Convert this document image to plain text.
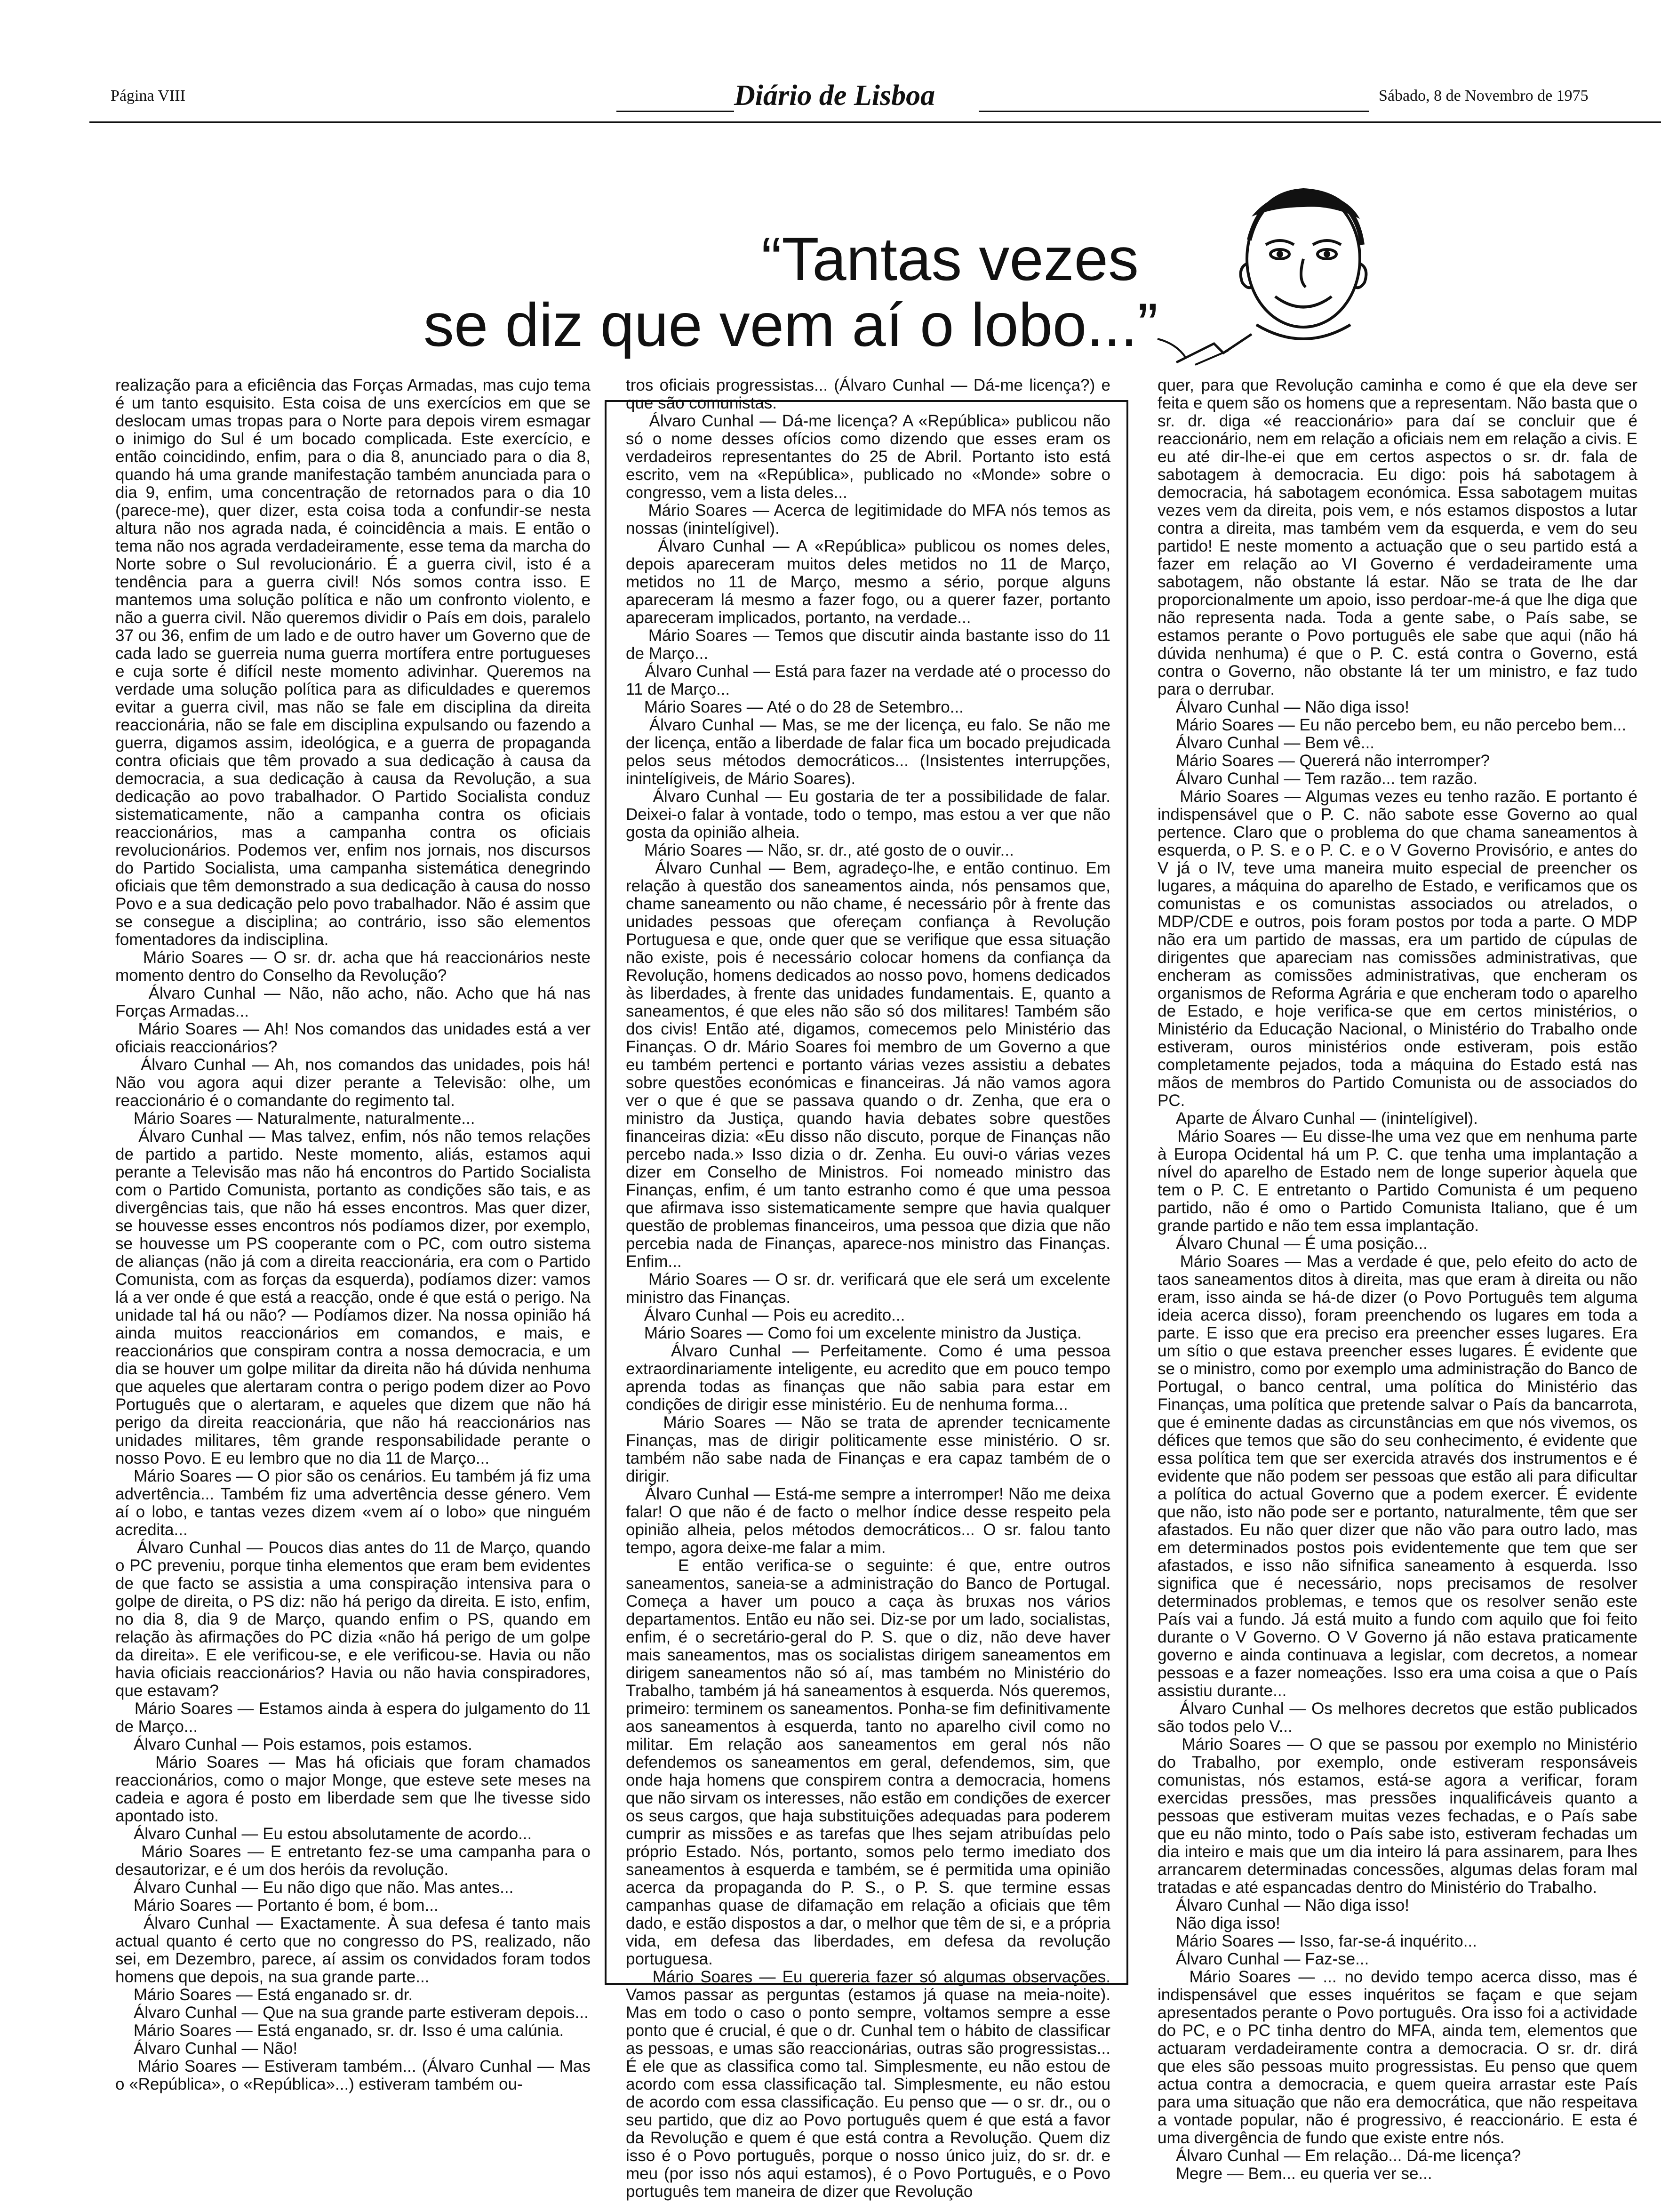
Página VIII	Diário de Lisboa	Sábado, 8 de Novembro de 1975
“Tantas vezes
se diz que vem aí o lobo...”

realização para a eficiência das Forças Armadas, mas cujo tema é um tanto esquisito. Esta coisa de uns exercícios em que se deslocam umas tropas para o Norte para depois virem esmagar o inimigo do Sul é um bocado complicada. Este exercício, e então coincidindo, enfim, para o dia 8, anunciado para o dia 8, quando há uma grande manifestação também anunciada para o dia 9, enfim, uma concentração de retornados para o dia 10 (parece-me), quer dizer, esta coisa toda a confundir-se nesta altura não nos agrada nada, é coincidência a mais. E então o tema não nos agrada verdadeiramente, esse tema da marcha do Norte sobre o Sul revolucionário. É a guerra civil, isto é a tendência para a guerra civil! Nós somos contra isso. E mantemos uma solução política e não um confronto violento, e não a guerra civil. Não queremos dividir o País em dois, paralelo 37 ou 36, enfim de um lado e de outro haver um Governo que de cada lado se guerreia numa guerra mortífera entre portugueses e cuja sorte é difícil neste momento adivinhar. Queremos na verdade uma solução política para as dificuldades e queremos evitar a guerra civil, mas não se fale em disciplina da direita reaccionária, não se fale em disciplina expulsando ou fazendo a guerra, digamos assim, ideológica, e a guerra de propaganda contra oficiais que têm provado a sua dedicação à causa da democracia, a sua dedicação à causa da Revolução, a sua dedicação ao povo trabalhador. O Partido Socialista conduz sistematicamente, não a campanha contra os oficiais reaccionários, mas a campanha contra os oficiais revolucionários. Podemos ver, enfim nos jornais, nos discursos do Partido Socialista, uma campanha sistemática denegrindo oficiais que têm demonstrado a sua dedicação à causa do nosso Povo e a sua dedicação pelo povo trabalhador. Não é assim que se consegue a disciplina; ao contrário, isso são elementos fomentadores da indisciplina.
Mário Soares — O sr. dr. acha que há reaccionários neste momento dentro do Conselho da Revolução?
Álvaro Cunhal — Não, não acho, não. Acho que há nas Forças Armadas...
Mário Soares — Ah! Nos comandos das unidades está a ver oficiais reaccionários?
Álvaro Cunhal — Ah, nos comandos das unidades, pois há! Não vou agora aqui dizer perante a Televisão: olhe, um reaccionário é o comandante do regimento tal.
Mário Soares — Naturalmente, naturalmente...
Álvaro Cunhal — Mas talvez, enfim, nós não temos relações de partido a partido. Neste momento, aliás, estamos aqui perante a Televisão mas não há encontros do Partido Socialista com o Partido Comunista, portanto as condições são tais, e as divergências tais, que não há esses encontros. Mas quer dizer, se houvesse esses encontros nós podíamos dizer, por exemplo, se houvesse um PS cooperante com o PC, com outro sistema de alianças (não já com a direita reaccionária, era com o Partido Comunista, com as forças da esquerda), podíamos dizer: vamos lá a ver onde é que está a reacção, onde é que está o perigo. Na unidade tal há ou não? — Podíamos dizer. Na nossa opinião há ainda muitos reaccionários em comandos, e mais, e reaccionários que conspiram contra a nossa democracia, e um dia se houver um golpe militar da direita não há dúvida nenhuma que aqueles que alertaram contra o perigo podem dizer ao Povo Português que o alertaram, e aqueles que dizem que não há perigo da direita reaccionária, que não há reaccionários nas unidades militares, têm grande responsabilidade perante o nosso Povo. E eu lembro que no dia 11 de Março...
Mário Soares — O pior são os cenários. Eu também já fiz uma advertência... Também fiz uma advertência desse género. Vem aí o lobo, e tantas vezes dizem «vem aí o lobo» que ninguém acredita...
Álvaro Cunhal — Poucos dias antes do 11 de Março, quando o PC preveniu, porque tinha elementos que eram bem evidentes de que facto se assistia a uma conspiração intensiva para o golpe de direita, o PS diz: não há perigo da direita. E isto, enfim, no dia 8, dia 9 de Março, quando enfim o PS, quando em relação às afirmações do PC dizia «não há perigo de um golpe da direita». E ele verificou-se, e ele verificou-se. Havia ou não havia oficiais reaccionários? Havia ou não havia conspiradores, que estavam?
Mário Soares — Estamos ainda à espera do julgamento do 11 de Março...
Álvaro Cunhal — Pois estamos, pois estamos.
Mário Soares — Mas há oficiais que foram chamados reaccionários, como o major Monge, que esteve sete meses na cadeia e agora é posto em liberdade sem que lhe tivesse sido apontado isto.
Álvaro Cunhal — Eu estou absolutamente de acordo...
Mário Soares — E entretanto fez-se uma campanha para o desautorizar, e é um dos heróis da revolução.
Álvaro Cunhal — Eu não digo que não. Mas antes...
Mário Soares — Portanto é bom, é bom...
Álvaro Cunhal — Exactamente. À sua defesa é tanto mais actual quanto é certo que no congresso do PS, realizado, não sei, em Dezembro, parece, aí assim os convidados foram todos homens que depois, na sua grande parte...
Mário Soares — Está enganado sr. dr.
Álvaro Cunhal — Que na sua grande parte estiveram depois...
Mário Soares — Está enganado, sr. dr. Isso é uma calúnia.
Álvaro Cunhal — Não!
Mário Soares — Estiveram também... (Álvaro Cunhal — Mas o «República», o «República»...) estiveram também ou-

tros oficiais progressistas... (Álvaro Cunhal — Dá-me licença?) e que são comunistas.
Álvaro Cunhal — Dá-me licença? A «República» publicou não só o nome desses ofícios como dizendo que esses eram os verdadeiros representantes do 25 de Abril. Portanto isto está escrito, vem na «República», publicado no «Monde» sobre o congresso, vem a lista deles...
Mário Soares — Acerca de legitimidade do MFA nós temos as nossas (inintelígivel).
Álvaro Cunhal — A «República» publicou os nomes deles, depois apareceram muitos deles metidos no 11 de Março, metidos no 11 de Março, mesmo a sério, porque alguns apareceram lá mesmo a fazer fogo, ou a querer fazer, portanto apareceram implicados, portanto, na verdade...
Mário Soares — Temos que discutir ainda bastante isso do 11 de Março...
Álvaro Cunhal — Está para fazer na verdade até o processo do 11 de Março...
Mário Soares — Até o do 28 de Setembro...
Álvaro Cunhal — Mas, se me der licença, eu falo. Se não me der licença, então a liberdade de falar fica um bocado prejudicada pelos seus métodos democráticos... (Insistentes interrupções, inintelígiveis, de Mário Soares).
Álvaro Cunhal — Eu gostaria de ter a possibilidade de falar. Deixei-o falar à vontade, todo o tempo, mas estou a ver que não gosta da opinião alheia.
Mário Soares — Não, sr. dr., até gosto de o ouvir...
Álvaro Cunhal — Bem, agradeço-lhe, e então continuo. Em relação à questão dos saneamentos ainda, nós pensamos que, chame saneamento ou não chame, é necessário pôr à frente das unidades pessoas que ofereçam confiança à Revolução Portuguesa e que, onde quer que se verifique que essa situação não existe, pois é necessário colocar homens da confiança da Revolução, homens dedicados ao nosso povo, homens dedicados às liberdades, à frente das unidades fundamentais. E, quanto a saneamentos, é que eles não são só dos militares! Também são dos civis! Então até, digamos, comecemos pelo Ministério das Finanças. O dr. Mário Soares foi membro de um Governo a que eu também pertenci e portanto várias vezes assistiu a debates sobre questões económicas e financeiras. Já não vamos agora ver o que é que se passava quando o dr. Zenha, que era o ministro da Justiça, quando havia debates sobre questões financeiras dizia: «Eu disso não discuto, porque de Finanças não percebo nada.» Isso dizia o dr. Zenha. Eu ouvi-o várias vezes dizer em Conselho de Ministros. Foi nomeado ministro das Finanças, enfim, é um tanto estranho como é que uma pessoa que afirmava isso sistematicamente sempre que havia qualquer questão de problemas financeiros, uma pessoa que dizia que não percebia nada de Finanças, aparece-nos ministro das Finanças. Enfim...
Mário Soares — O sr. dr. verificará que ele será um excelente ministro das Finanças.
Álvaro Cunhal — Pois eu acredito...
Mário Soares — Como foi um excelente ministro da Justiça.
Álvaro Cunhal — Perfeitamente. Como é uma pessoa extraordinariamente inteligente, eu acredito que em pouco tempo aprenda todas as finanças que não sabia para estar em condições de dirigir esse ministério. Eu de nenhuma forma...
Mário Soares — Não se trata de aprender tecnicamente Finanças, mas de dirigir politicamente esse ministério. O sr. também não sabe nada de Finanças e era capaz também de o dirigir.
Álvaro Cunhal — Está-me sempre a interromper! Não me deixa falar! O que não é de facto o melhor índice desse respeito pela opinião alheia, pelos métodos democráticos... O sr. falou tanto tempo, agora deixe-me falar a mim.
E então verifica-se o seguinte: é que, entre outros saneamentos, saneia-se a administração do Banco de Portugal. Começa a haver um pouco a caça às bruxas nos vários departamentos. Então eu não sei. Diz-se por um lado, socialistas, enfim, é o secretário-geral do P. S. que o diz, não deve haver mais saneamentos, mas os socialistas dirigem saneamentos em dirigem saneamentos não só aí, mas também no Ministério do Trabalho, também já há saneamentos à esquerda. Nós queremos, primeiro: terminem os saneamentos. Ponha-se fim definitivamente aos saneamentos à esquerda, tanto no aparelho civil como no militar. Em relação aos saneamentos em geral nós não defendemos os saneamentos em geral, defendemos, sim, que onde haja homens que conspirem contra a democracia, homens que não sirvam os interesses, não estão em condições de exercer os seus cargos, que haja substituições adequadas para poderem cumprir as missões e as tarefas que lhes sejam atribuídas pelo próprio Estado. Nós, portanto, somos pelo termo imediato dos saneamentos à esquerda e também, se é permitida uma opinião acerca da propaganda do P. S., o P. S. que termine essas campanhas quase de difamação em relação a oficiais que têm dado, e estão dispostos a dar, o melhor que têm de si, e a própria vida, em defesa das liberdades, em defesa da revolução portuguesa.
Mário Soares — Eu quereria fazer só algumas observações. Vamos passar as perguntas (estamos já quase na meia-noite). Mas em todo o caso o ponto sempre, voltamos sempre a esse ponto que é crucial, é que o dr. Cunhal tem o hábito de classificar as pessoas, e umas são reaccionárias, outras são progressistas... É ele que as classifica como tal. Simplesmente, eu não estou de acordo com essa classificação tal. Simplesmente, eu não estou de acordo com essa classificação. Eu penso que — o sr. dr., ou o seu partido, que diz ao Povo português quem é que está a favor da Revolução e quem é que está contra a Revolução. Quem diz isso é o Povo português, porque o nosso único juiz, do sr. dr. e meu (por isso nós aqui estamos), é o Povo Português, e o Povo português tem maneira de dizer que Revolução

quer, para que Revolução caminha e como é que ela deve ser feita e quem são os homens que a representam. Não basta que o sr. dr. diga «é reaccionário» para daí se concluir que é reaccionário, nem em relação a oficiais nem em relação a civis. E eu até dir-lhe-ei que em certos aspectos o sr. dr. fala de sabotagem à democracia. Eu digo: pois há sabotagem à democracia, há sabotagem económica. Essa sabotagem muitas vezes vem da direita, pois vem, e nós estamos dispostos a lutar contra a direita, mas também vem da esquerda, e vem do seu partido! E neste momento a actuação que o seu partido está a fazer em relação ao VI Governo é verdadeiramente uma sabotagem, não obstante lá estar. Não se trata de lhe dar proporcionalmente um apoio, isso perdoar-me-á que lhe diga que não representa nada. Toda a gente sabe, o País sabe, se estamos perante o Povo português ele sabe que aqui (não há dúvida nenhuma) é que o P. C. está contra o Governo, está contra o Governo, não obstante lá ter um ministro, e faz tudo para o derrubar.
Álvaro Cunhal — Não diga isso!
Mário Soares — Eu não percebo bem, eu não percebo bem...
Álvaro Cunhal — Bem vê...
Mário Soares — Quererá não interromper?
Álvaro Cunhal — Tem razão... tem razão.
Mário Soares — Algumas vezes eu tenho razão. E portanto é indispensável que o P. C. não sabote esse Governo ao qual pertence. Claro que o problema do que chama saneamentos à esquerda, o P. S. e o P. C. e o V Governo Provisório, e antes do V já o IV, teve uma maneira muito especial de preencher os lugares, a máquina do aparelho de Estado, e verificamos que os comunistas e os comunistas associados ou atrelados, o MDP/CDE e outros, pois foram postos por toda a parte. O MDP não era um partido de massas, era um partido de cúpulas de dirigentes que apareciam nas comissões administrativas, que encheram as comissões administrativas, que encheram os organismos de Reforma Agrária e que encheram todo o aparelho de Estado, e hoje verifica-se que em certos ministérios, o Ministério da Educação Nacional, o Ministério do Trabalho onde estiveram, ouros ministérios onde estiveram, pois estão completamente pejados, toda a máquina do Estado está nas mãos de membros do Partido Comunista ou de associados do PC.
Aparte de Álvaro Cunhal — (inintelígivel).
Mário Soares — Eu disse-lhe uma vez que em nenhuma parte à Europa Ocidental há um P. C. que tenha uma implantação a nível do aparelho de Estado nem de longe superior àquela que tem o P. C. E entretanto o Partido Comunista é um pequeno partido, não é omo o Partido Comunista Italiano, que é um grande partido e não tem essa implantação.
Álvaro Chunal — É uma posição...
Mário Soares — Mas a verdade é que, pelo efeito do acto de taos saneamentos ditos à direita, mas que eram à direita ou não eram, isso ainda se há-de dizer (o Povo Português tem alguma ideia acerca disso), foram preenchendo os lugares em toda a parte. E isso que era preciso era preencher esses lugares. Era um sítio o que estava preencher esses lugares. É evidente que se o ministro, como por exemplo uma administração do Banco de Portugal, o banco central, uma política do Ministério das Finanças, uma política que pretende salvar o País da bancarrota, que é eminente dadas as circunstâncias em que nós vivemos, os défices que temos que são do seu conhecimento, é evidente que essa política tem que ser exercida através dos instrumentos e é evidente que não podem ser pessoas que estão ali para dificultar a política do actual Governo que a podem exercer. É evidente que não, isto não pode ser e portanto, naturalmente, têm que ser afastados. Eu não quer dizer que não vão para outro lado, mas em determinados postos pois evidentemente que tem que ser afastados, e isso não sifnifica saneamento à esquerda. Isso significa que é necessário, nops precisamos de resolver determinados problemas, e temos que os resolver senão este País vai a fundo. Já está muito a fundo com aquilo que foi feito durante o V Governo. O V Governo já não estava praticamente governo e ainda continuava a legislar, com decretos, a nomear pessoas e a fazer nomeações. Isso era uma coisa a que o País assistiu durante...
Álvaro Cunhal — Os melhores decretos que estão publicados são todos pelo V...
Mário Soares — O que se passou por exemplo no Ministério do Trabalho, por exemplo, onde estiveram responsáveis comunistas, nós estamos, está-se agora a verificar, foram exercidas pressões, mas pressões inqualificáveis quanto a pessoas que estiveram muitas vezes fechadas, e o País sabe que eu não minto, todo o País sabe isto, estiveram fechadas um dia inteiro e mais que um dia inteiro lá para assinarem, para lhes arrancarem determinadas concessões, algumas delas foram mal tratadas e até espancadas dentro do Ministério do Trabalho.
Álvaro Cunhal — Não diga isso!
Não diga isso!
Mário Soares — Isso, far-se-á inquérito...
Álvaro Cunhal — Faz-se...
Mário Soares — ... no devido tempo acerca disso, mas é indispensável que esses inquéritos se façam e que sejam apresentados perante o Povo português. Ora isso foi a actividade do PC, e o PC tinha dentro do MFA, ainda tem, elementos que actuaram verdadeiramente contra a democracia. O sr. dr. dirá que eles são pessoas muito progressistas. Eu penso que quem actua contra a democracia, e quem queira arrastar este País para uma situação que não era democrática, que não respeitava a vontade popular, não é progressivo, é reaccionário. E esta é uma divergência de fundo que existe entre nós.
Álvaro Cunhal — Em relação... Dá-me licença?
Megre — Bem... eu queria ver se...
